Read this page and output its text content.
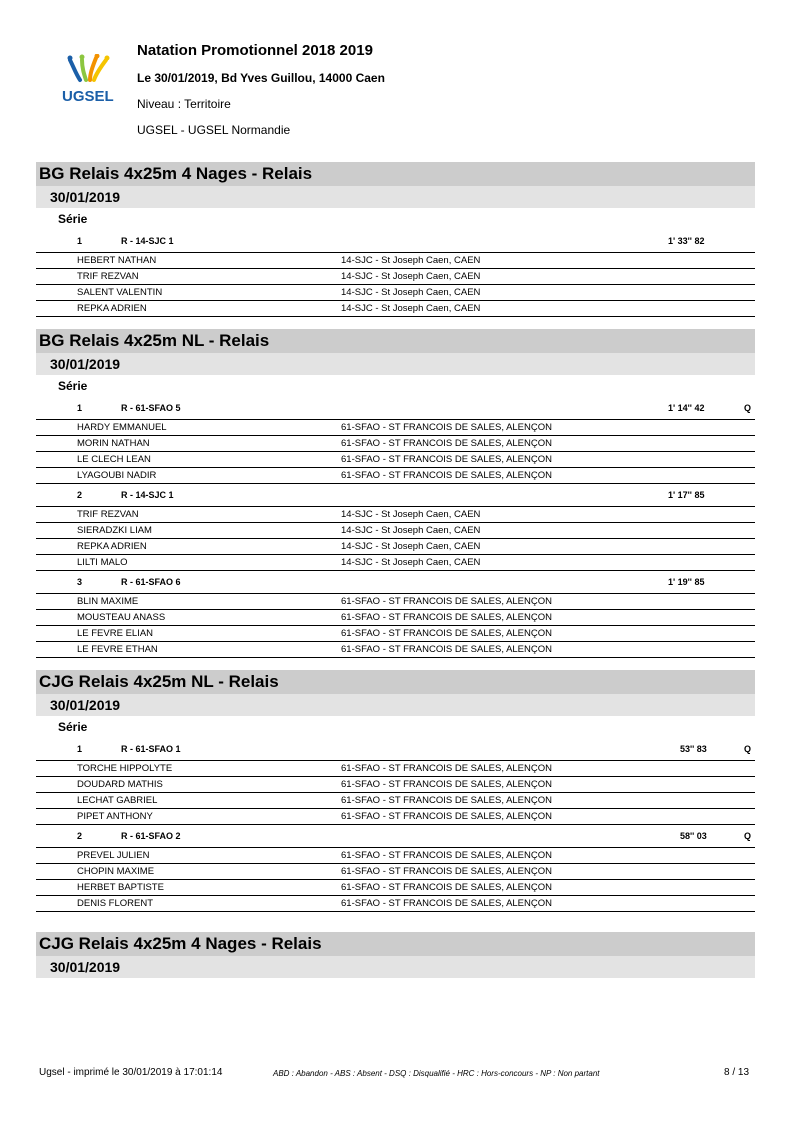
UGSEL
Natation Promotionnel 2018 2019
Le 30/01/2019, Bd Yves Guillou, 14000 Caen
Niveau : Territoire
UGSEL - UGSEL Normandie
BG Relais 4x25m 4 Nages - Relais
30/01/2019
Série
1	R - 14-SJC 1	1' 33'' 82
HEBERT NATHAN	14-SJC - St Joseph Caen, CAEN
TRIF REZVAN	14-SJC - St Joseph Caen, CAEN
SALENT VALENTIN	14-SJC - St Joseph Caen, CAEN
REPKA ADRIEN	14-SJC - St Joseph Caen, CAEN
BG Relais 4x25m NL - Relais
30/01/2019
Série
1	R - 61-SFAO 5	1' 14'' 42	Q
HARDY EMMANUEL	61-SFAO - ST FRANCOIS DE SALES, ALENÇON
MORIN NATHAN	61-SFAO - ST FRANCOIS DE SALES, ALENÇON
LE CLECH LEAN	61-SFAO - ST FRANCOIS DE SALES, ALENÇON
LYAGOUBI NADIR	61-SFAO - ST FRANCOIS DE SALES, ALENÇON
2	R - 14-SJC 1	1' 17'' 85
TRIF REZVAN	14-SJC - St Joseph Caen, CAEN
SIERADZKI LIAM	14-SJC - St Joseph Caen, CAEN
REPKA ADRIEN	14-SJC - St Joseph Caen, CAEN
LILTI MALO	14-SJC - St Joseph Caen, CAEN
3	R - 61-SFAO 6	1' 19'' 85
BLIN MAXIME	61-SFAO - ST FRANCOIS DE SALES, ALENÇON
MOUSTEAU ANASS	61-SFAO - ST FRANCOIS DE SALES, ALENÇON
LE FEVRE ELIAN	61-SFAO - ST FRANCOIS DE SALES, ALENÇON
LE FEVRE ETHAN	61-SFAO - ST FRANCOIS DE SALES, ALENÇON
CJG Relais 4x25m NL - Relais
30/01/2019
Série
1	R - 61-SFAO 1	53'' 83	Q
TORCHE HIPPOLYTE	61-SFAO - ST FRANCOIS DE SALES, ALENÇON
DOUDARD MATHIS	61-SFAO - ST FRANCOIS DE SALES, ALENÇON
LECHAT GABRIEL	61-SFAO - ST FRANCOIS DE SALES, ALENÇON
PIPET ANTHONY	61-SFAO - ST FRANCOIS DE SALES, ALENÇON
2	R - 61-SFAO 2	58'' 03	Q
PREVEL JULIEN	61-SFAO - ST FRANCOIS DE SALES, ALENÇON
CHOPIN MAXIME	61-SFAO - ST FRANCOIS DE SALES, ALENÇON
HERBET BAPTISTE	61-SFAO - ST FRANCOIS DE SALES, ALENÇON
DENIS FLORENT	61-SFAO - ST FRANCOIS DE SALES, ALENÇON
CJG Relais 4x25m 4 Nages - Relais
30/01/2019
Ugsel - imprimé le 30/01/2019 à 17:01:14	ABD : Abandon - ABS : Absent - DSQ : Disqualifié - HRC : Hors-concours - NP : Non partant	8 / 13
